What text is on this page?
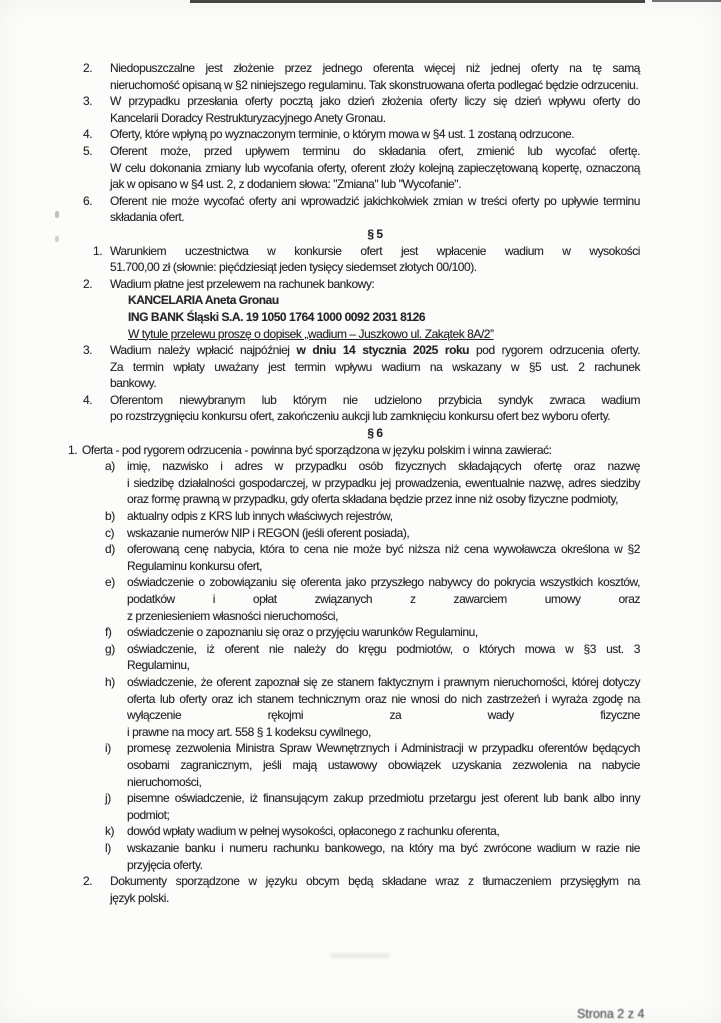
2.	Niedopuszczalne jest złożenie przez jednego oferenta więcej niż jednej oferty na tę samą
nieruchomość opisaną w §2 niniejszego regulaminu. Tak skonstruowana oferta podlegać będzie odrzuceniu.
3.	W przypadku przesłania oferty pocztą jako dzień złożenia oferty liczy się dzień wpływu oferty do
Kancelarii Doradcy Restrukturyzacyjnego Anety Gronau.
4.	Oferty, które wpłyną po wyznaczonym terminie, o którym mowa w §4 ust. 1 zostaną odrzucone.
5.	Oferent może, przed upływem terminu do składania ofert, zmienić lub wycofać ofertę.
W celu dokonania zmiany lub wycofania oferty, oferent złoży kolejną zapieczętowaną kopertę, oznaczoną jak w opisano w §4 ust. 2, z dodaniem słowa: "Zmiana" lub "Wycofanie".
6.	Oferent nie może wycofać oferty ani wprowadzić jakichkolwiek zmian w treści oferty po upływie terminu składania ofert.
§ 5
1. Warunkiem uczestnictwa w konkursie ofert jest wpłacenie wadium w wysokości
51.700,00 zł (słownie: pięćdziesiąt jeden tysięcy siedemset złotych 00/100).
2.	Wadium płatne jest przelewem na rachunek bankowy:
KANCELARIA Aneta Gronau
ING BANK Śląski S.A. 19 1050 1764 1000 0092 2031 8126
W tytule przelewu proszę o dopisek „wadium – Juszkowo ul. Zakątek 8A/2”
3.	Wadium należy wpłacić najpóźniej w dniu 14 stycznia 2025 roku pod rygorem odrzucenia oferty.
Za termin wpłaty uważany jest termin wpływu wadium na wskazany w §5 ust. 2 rachunek
bankowy.
4.	Oferentom niewybranym lub którym nie udzielono przybicia syndyk zwraca wadium
po rozstrzygnięciu konkursu ofert, zakończeniu aukcji lub zamknięciu konkursu ofert bez wyboru oferty.
§ 6
1. Oferta - pod rygorem odrzucenia - powinna być sporządzona w języku polskim i winna zawierać:
a)	imię, nazwisko i adres w przypadku osób fizycznych składających ofertę oraz nazwę
i siedzibę działalności gospodarczej, w przypadku jej prowadzenia, ewentualnie nazwę, adres siedziby oraz formę prawną w przypadku, gdy oferta składana będzie przez inne niż osoby fizyczne podmioty,
b)	aktualny odpis z KRS lub innych właściwych rejestrów,
c)	wskazanie numerów NIP i REGON (jeśli oferent posiada),
d)	oferowaną cenę nabycia, która to cena nie może być niższa niż cena wywoławcza określona w §2 Regulaminu konkursu ofert,
e)	oświadczenie o zobowiązaniu się oferenta jako przyszłego nabywcy do pokrycia wszystkich kosztów, podatków i opłat związanych z zawarciem umowy oraz
z przeniesieniem własności nieruchomości,
f)	oświadczenie o zapoznaniu się oraz o przyjęciu warunków Regulaminu,
g)	oświadczenie, iż oferent nie należy do kręgu podmiotów, o których mowa w §3 ust. 3
Regulaminu,
h)	oświadczenie, że oferent zapoznał się ze stanem faktycznym i prawnym nieruchomości, której dotyczy oferta lub oferty oraz ich stanem technicznym oraz nie wnosi do nich zastrzeżeń i wyraża zgodę na wyłączenie rękojmi za wady fizyczne
i prawne na mocy art. 558 § 1 kodeksu cywilnego,
i)	promesę zezwolenia Ministra Spraw Wewnętrznych i Administracji w przypadku oferentów będących osobami zagranicznym, jeśli mają ustawowy obowiązek uzyskania zezwolenia na nabycie nieruchomości,
j)	pisemne oświadczenie, iż finansującym zakup przedmiotu przetargu jest oferent lub bank albo inny podmiot;
k)	dowód wpłaty wadium w pełnej wysokości, opłaconego z rachunku oferenta,
l)	wskazanie banku i numeru rachunku bankowego, na który ma być zwrócone wadium w razie nie przyjęcia oferty.
2.	Dokumenty sporządzone w języku obcym będą składane wraz z tłumaczeniem przysięgłym na
język polski.
Strona 2 z 4
